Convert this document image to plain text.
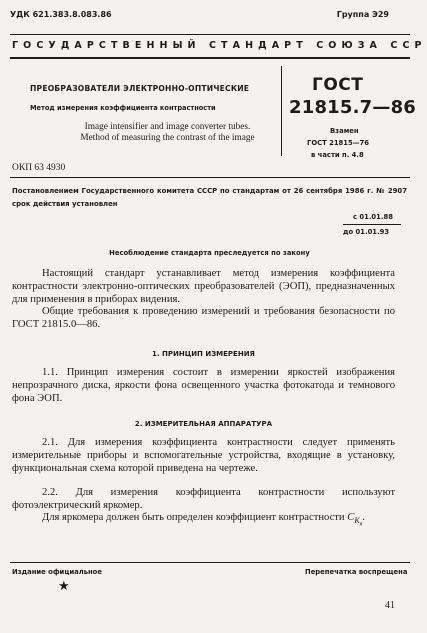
УДК 621.383.8.083.86	Группа Э29
ГОСУДАРСТВЕННЫЙ СТАНДАРТ СОЮЗА ССР
ПРЕОБРАЗОВАТЕЛИ ЭЛЕКТРОННО-ОПТИЧЕСКИЕ
Метод измерения коэффициента контрастности
Image intensifier and image converter tubes.
Method of measuring the contrast of the image
ГОСТ
21815.7—86
Взамен
ГОСТ 21815—76
в части п. 4.8
ОКП 63 4930
Постановлением Государственного комитета СССР по стандартам от 26 сентября 1986 г. № 2907 срок действия установлен
с 01.01.88
до 01.01.93
Несоблюдение стандарта преследуется по закону
Настоящий стандарт устанавливает метод измерения коэффициента контрастности электронно-оптических преобразователей (ЭОП), предназначенных для применения в приборах видения.
Общие требования к проведению измерений и требования безопасности по ГОСТ 21815.0—86.
1. ПРИНЦИП ИЗМЕРЕНИЯ
1.1. Принцип измерения состоит в измерении яркостей изображения непрозрачного диска, яркости фона освещенного участка фотокатода и темнового фона ЭОП.
2. ИЗМЕРИТЕЛЬНАЯ АППАРАТУРА
2.1. Для измерения коэффициента контрастности следует применять измерительные приборы и вспомогательные устройства, входящие в установку, функциональная схема которой приведена на чертеже.
2.2. Для измерения коэффициента контрастности используют фотоэлектрический яркомер.
Для яркомера должен быть определен коэффициент контрастности $C_{К_я}$.
Издание официальное	Перепечатка воспрещена
★
41
